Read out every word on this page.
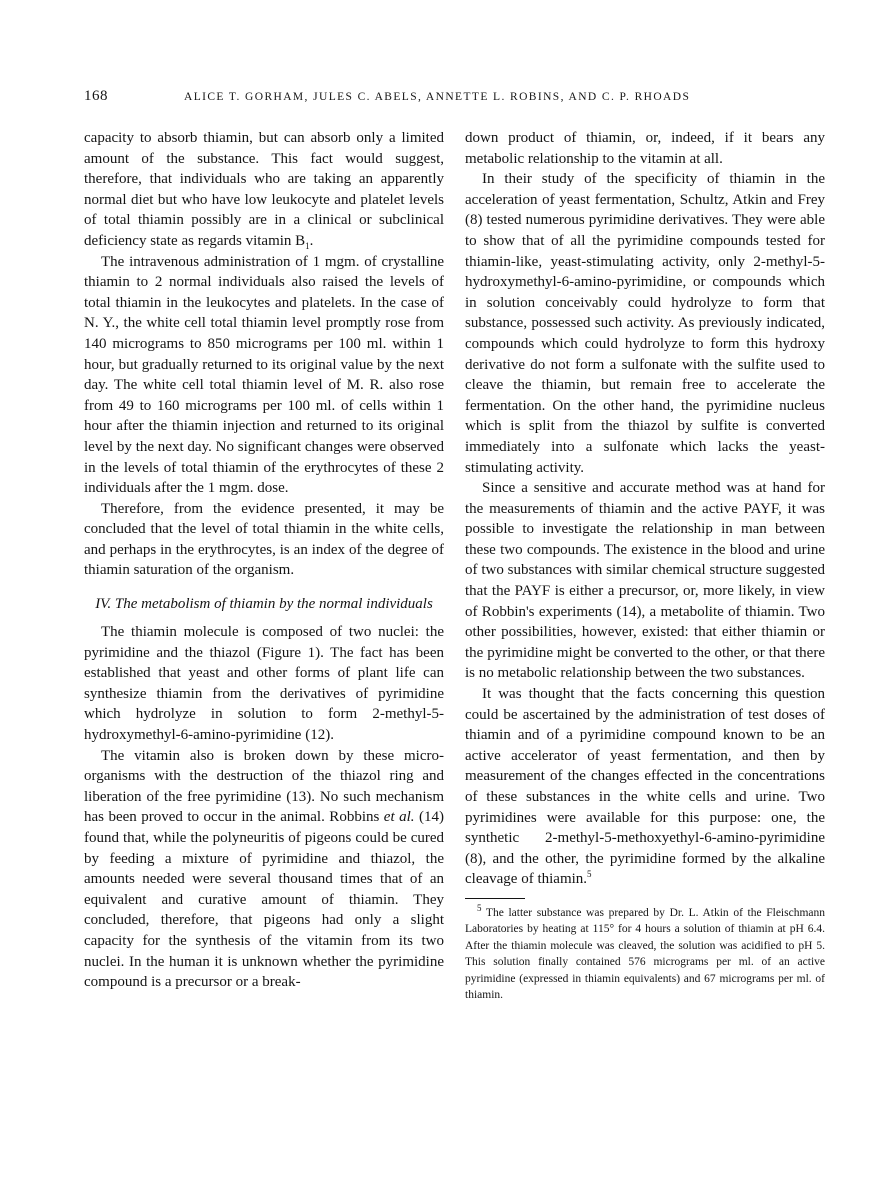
168	ALICE T. GORHAM, JULES C. ABELS, ANNETTE L. ROBINS, AND C. P. RHOADS

capacity to absorb thiamin, but can absorb only a limited amount of the substance. This fact would suggest, therefore, that individuals who are taking an apparently normal diet but who have low leukocyte and platelet levels of total thiamin possibly are in a clinical or subclinical deficiency state as regards vitamin $B_1$.

The intravenous administration of 1 mgm. of crystalline thiamin to 2 normal individuals also raised the levels of total thiamin in the leukocytes and platelets. In the case of N. Y., the white cell total thiamin level promptly rose from 140 micrograms to 850 micrograms per 100 ml. within 1 hour, but gradually returned to its original value by the next day. The white cell total thiamin level of M. R. also rose from 49 to 160 micrograms per 100 ml. of cells within 1 hour after the thiamin injection and returned to its original level by the next day. No significant changes were observed in the levels of total thiamin of the erythrocytes of these 2 individuals after the 1 mgm. dose.

Therefore, from the evidence presented, it may be concluded that the level of total thiamin in the white cells, and perhaps in the erythrocytes, is an index of the degree of thiamin saturation of the organism.

IV. The metabolism of thiamin by the normal individuals

The thiamin molecule is composed of two nuclei: the pyrimidine and the thiazol (Figure 1). The fact has been established that yeast and other forms of plant life can synthesize thiamin from the derivatives of pyrimidine which hydrolyze in solution to form 2-methyl-5-hydroxymethyl-6-amino-pyrimidine (12).

The vitamin also is broken down by these micro-organisms with the destruction of the thiazol ring and liberation of the free pyrimidine (13). No such mechanism has been proved to occur in the animal. Robbins et al. (14) found that, while the polyneuritis of pigeons could be cured by feeding a mixture of pyrimidine and thiazol, the amounts needed were several thousand times that of an equivalent and curative amount of thiamin. They concluded, therefore, that pigeons had only a slight capacity for the synthesis of the vitamin from its two nuclei. In the human it is unknown whether the pyrimidine compound is a precursor or a break-

down product of thiamin, or, indeed, if it bears any metabolic relationship to the vitamin at all.

In their study of the specificity of thiamin in the acceleration of yeast fermentation, Schultz, Atkin and Frey (8) tested numerous pyrimidine derivatives. They were able to show that of all the pyrimidine compounds tested for thiamin-like, yeast-stimulating activity, only 2-methyl-5-hydroxymethyl-6-amino-pyrimidine, or compounds which in solution conceivably could hydrolyze to form that substance, possessed such activity. As previously indicated, compounds which could hydrolyze to form this hydroxy derivative do not form a sulfonate with the sulfite used to cleave the thiamin, but remain free to accelerate the fermentation. On the other hand, the pyrimidine nucleus which is split from the thiazol by sulfite is converted immediately into a sulfonate which lacks the yeast-stimulating activity.

Since a sensitive and accurate method was at hand for the measurements of thiamin and the active PAYF, it was possible to investigate the relationship in man between these two compounds. The existence in the blood and urine of two substances with similar chemical structure suggested that the PAYF is either a precursor, or, more likely, in view of Robbin's experiments (14), a metabolite of thiamin. Two other possibilities, however, existed: that either thiamin or the pyrimidine might be converted to the other, or that there is no metabolic relationship between the two substances.

It was thought that the facts concerning this question could be ascertained by the administration of test doses of thiamin and of a pyrimidine compound known to be an active accelerator of yeast fermentation, and then by measurement of the changes effected in the concentrations of these substances in the white cells and urine. Two pyrimidines were available for this purpose: one, the synthetic 2-methyl-5-methoxyethyl-6-amino-pyrimidine (8), and the other, the pyrimidine formed by the alkaline cleavage of thiamin.$^5$

$^5$ The latter substance was prepared by Dr. L. Atkin of the Fleischmann Laboratories by heating at 115° for 4 hours a solution of thiamin at pH 6.4. After the thiamin molecule was cleaved, the solution was acidified to pH 5. This solution finally contained 576 micrograms per ml. of an active pyrimidine (expressed in thiamin equivalents) and 67 micrograms per ml. of thiamin.
